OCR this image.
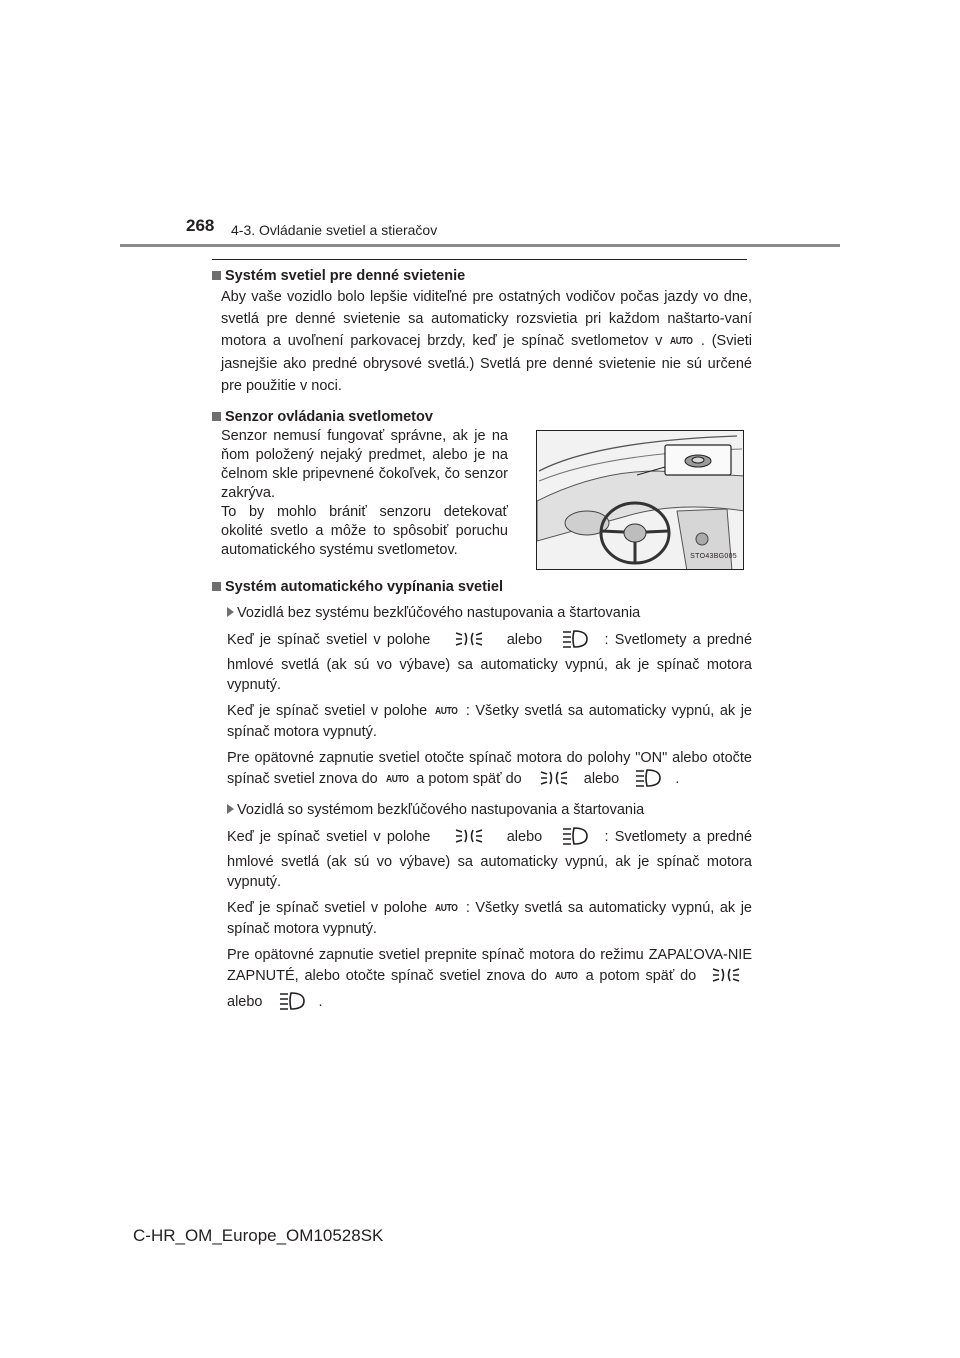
268 4-3. Ovládanie svetiel a stieračov
Systém svetiel pre denné svietenie
Aby vaše vozidlo bolo lepšie viditeľné pre ostatných vodičov počas jazdy vo dne, svetlá pre denné svietenie sa automaticky rozsvietia pri každom naštarto-vaní motora a uvoľnení parkovacej brzdy, keď je spínač svetlometov v AUTO . (Svieti jasnejšie ako predné obrysové svetlá.) Svetlá pre denné svietenie nie sú určené pre použitie v noci.
Senzor ovládania svetlometov
Senzor nemusí fungovať správne, ak je na ňom položený nejaký predmet, alebo je na čelnom skle pripevnené čokoľvek, čo senzor zakrýva.
To by mohlo brániť senzoru detekovať okolité svetlo a môže to spôsobiť poruchu automatického systému svetlometov.	STO43BG005
Systém automatického vypínania svetiel
Vozidlá bez systému bezkľúčového nastupovania a štartovania
Keď je spínač svetiel v polohe	alebo	: Svetlomety a predné hmlové svetlá (ak sú vo výbave) sa automaticky vypnú, ak je spínač motora vypnutý.
Keď je spínač svetiel v polohe AUTO : Všetky svetlá sa automaticky vypnú, ak je spínač motora vypnutý.
Pre opätovné zapnutie svetiel otočte spínač motora do polohy "ON" alebo otočte spínač svetiel znova do AUTO a potom späť do	alebo	.
Vozidlá so systémom bezkľúčového nastupovania a štartovania
Keď je spínač svetiel v polohe	alebo	: Svetlomety a predné hmlové svetlá (ak sú vo výbave) sa automaticky vypnú, ak je spínač motora vypnutý.
Keď je spínač svetiel v polohe AUTO : Všetky svetlá sa automaticky vypnú, ak je spínač motora vypnutý.
Pre opätovné zapnutie svetiel prepnite spínač motora do režimu ZAPAĽOVA-NIE ZAPNUTÉ, alebo otočte spínač svetiel znova do AUTO a potom späť do  alebo	.
C-HR_OM_Europe_OM10528SK
